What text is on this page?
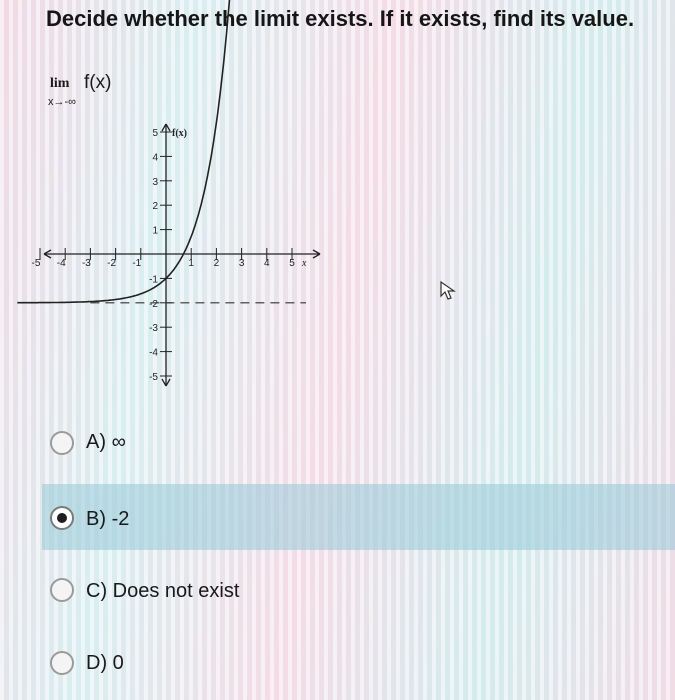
Decide whether the limit exists. If it exists, find its value.
lim f(x)
x→-∞
-5 -4 -3 -2 -1	1 2 3 4 5 x
5
4
3
2
1
-1
-2
-3
-4
-5
f(x)
A) ∞
B) -2
C) Does not exist
D) 0
